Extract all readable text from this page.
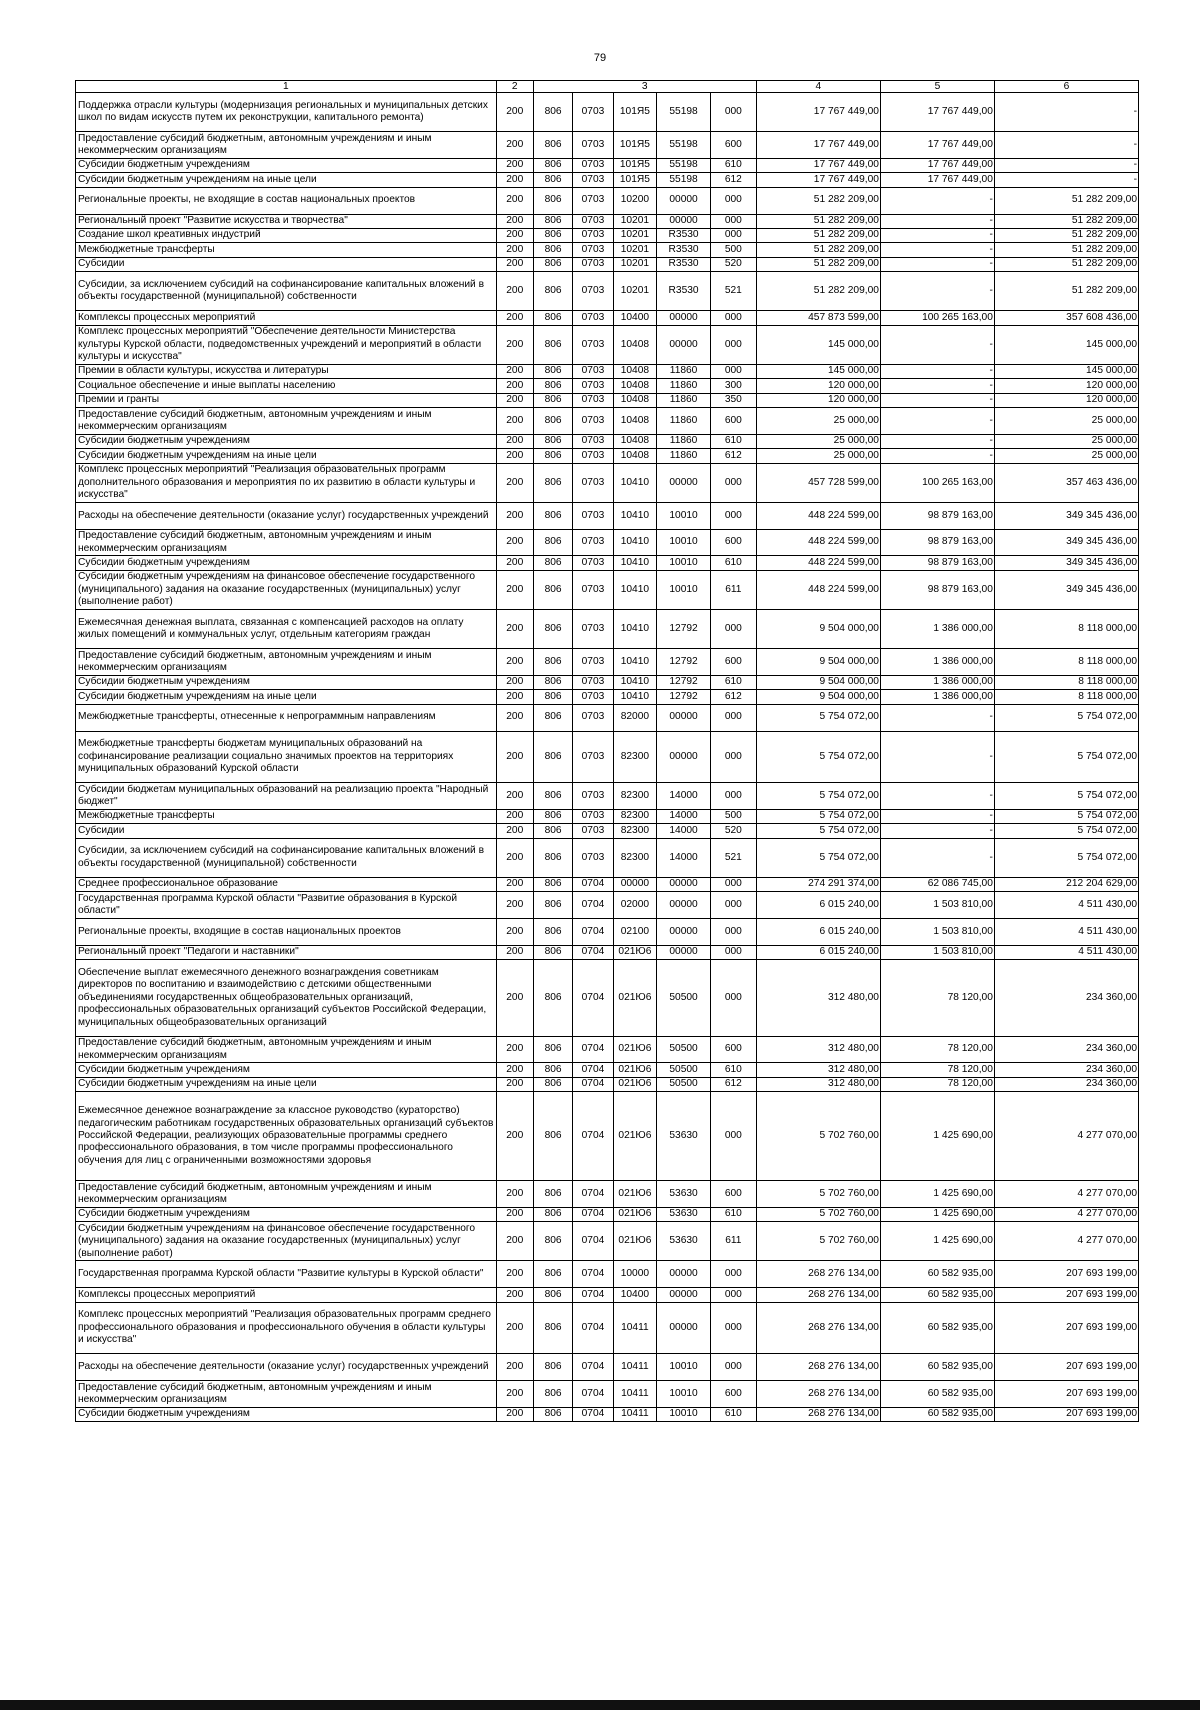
79
1	2	3					4	5	6
Поддержка отрасли культуры (модернизация региональных и муниципальных детских школ по видам искусств путем их реконструкции, капитального ремонта)	200	806	0703	101Я5	55198	000	17 767 449,00	17 767 449,00	-
Предоставление субсидий бюджетным, автономным учреждениям и иным некоммерческим организациям	200	806	0703	101Я5	55198	600	17 767 449,00	17 767 449,00	-
Субсидии бюджетным учреждениям	200	806	0703	101Я5	55198	610	17 767 449,00	17 767 449,00	-
Субсидии бюджетным учреждениям на иные цели	200	806	0703	101Я5	55198	612	17 767 449,00	17 767 449,00	-
Региональные проекты, не входящие в состав национальных проектов	200	806	0703	10200	00000	000	51 282 209,00	-	51 282 209,00
Региональный проект "Развитие искусства и творчества"	200	806	0703	10201	00000	000	51 282 209,00	-	51 282 209,00
Создание школ креативных индустрий	200	806	0703	10201	R3530	000	51 282 209,00	-	51 282 209,00
Межбюджетные трансферты	200	806	0703	10201	R3530	500	51 282 209,00	-	51 282 209,00
Субсидии	200	806	0703	10201	R3530	520	51 282 209,00	-	51 282 209,00
Субсидии, за исключением субсидий на софинансирование капитальных вложений в объекты государственной (муниципальной) собственности	200	806	0703	10201	R3530	521	51 282 209,00	-	51 282 209,00
Комплексы процессных мероприятий	200	806	0703	10400	00000	000	457 873 599,00	100 265 163,00	357 608 436,00
Комплекс процессных мероприятий "Обеспечение деятельности Министерства культуры Курской области, подведомственных учреждений и мероприятий в области культуры и искусства"	200	806	0703	10408	00000	000	145 000,00	-	145 000,00
Премии в области культуры, искусства и литературы	200	806	0703	10408	11860	000	145 000,00	-	145 000,00
Социальное обеспечение и иные выплаты населению	200	806	0703	10408	11860	300	120 000,00	-	120 000,00
Премии и гранты	200	806	0703	10408	11860	350	120 000,00	-	120 000,00
Предоставление субсидий бюджетным, автономным учреждениям и иным некоммерческим организациям	200	806	0703	10408	11860	600	25 000,00	-	25 000,00
Субсидии бюджетным учреждениям	200	806	0703	10408	11860	610	25 000,00	-	25 000,00
Субсидии бюджетным учреждениям на иные цели	200	806	0703	10408	11860	612	25 000,00	-	25 000,00
Комплекс процессных мероприятий "Реализация образовательных программ дополнительного образования и мероприятия по их развитию в области культуры и искусства"	200	806	0703	10410	00000	000	457 728 599,00	100 265 163,00	357 463 436,00
Расходы на обеспечение деятельности (оказание услуг) государственных учреждений	200	806	0703	10410	10010	000	448 224 599,00	98 879 163,00	349 345 436,00
Предоставление субсидий бюджетным, автономным учреждениям и иным некоммерческим организациям	200	806	0703	10410	10010	600	448 224 599,00	98 879 163,00	349 345 436,00
Субсидии бюджетным учреждениям	200	806	0703	10410	10010	610	448 224 599,00	98 879 163,00	349 345 436,00
Субсидии бюджетным учреждениям на финансовое обеспечение государственного (муниципального) задания на оказание государственных (муниципальных) услуг (выполнение работ)	200	806	0703	10410	10010	611	448 224 599,00	98 879 163,00	349 345 436,00
Ежемесячная денежная выплата, связанная с компенсацией расходов на оплату жилых помещений и коммунальных услуг, отдельным категориям граждан	200	806	0703	10410	12792	000	9 504 000,00	1 386 000,00	8 118 000,00
Предоставление субсидий бюджетным, автономным учреждениям и иным некоммерческим организациям	200	806	0703	10410	12792	600	9 504 000,00	1 386 000,00	8 118 000,00
Субсидии бюджетным учреждениям	200	806	0703	10410	12792	610	9 504 000,00	1 386 000,00	8 118 000,00
Субсидии бюджетным учреждениям на иные цели	200	806	0703	10410	12792	612	9 504 000,00	1 386 000,00	8 118 000,00
Межбюджетные трансферты, отнесенные к непрограммным направлениям	200	806	0703	82000	00000	000	5 754 072,00	-	5 754 072,00
Межбюджетные трансферты бюджетам муниципальных образований на софинансирование реализации социально значимых проектов на территориях муниципальных образований Курской области	200	806	0703	82300	00000	000	5 754 072,00	-	5 754 072,00
Субсидии бюджетам муниципальных образований на реализацию проекта "Народный бюджет"	200	806	0703	82300	14000	000	5 754 072,00	-	5 754 072,00
Межбюджетные трансферты	200	806	0703	82300	14000	500	5 754 072,00	-	5 754 072,00
Субсидии	200	806	0703	82300	14000	520	5 754 072,00	-	5 754 072,00
Субсидии, за исключением субсидий на софинансирование капитальных вложений в объекты государственной (муниципальной) собственности	200	806	0703	82300	14000	521	5 754 072,00	-	5 754 072,00
Среднее профессиональное образование	200	806	0704	00000	00000	000	274 291 374,00	62 086 745,00	212 204 629,00
Государственная программа Курской области "Развитие образования в Курской области"	200	806	0704	02000	00000	000	6 015 240,00	1 503 810,00	4 511 430,00
Региональные проекты, входящие в состав национальных проектов	200	806	0704	02100	00000	000	6 015 240,00	1 503 810,00	4 511 430,00
Региональный проект "Педагоги и наставники"	200	806	0704	021Ю6	00000	000	6 015 240,00	1 503 810,00	4 511 430,00
Обеспечение выплат ежемесячного денежного вознаграждения советникам директоров по воспитанию и взаимодействию с детскими общественными объединениями государственных общеобразовательных организаций, профессиональных образовательных организаций субъектов Российской Федерации, муниципальных общеобразовательных организаций	200	806	0704	021Ю6	50500	000	312 480,00	78 120,00	234 360,00
Предоставление субсидий бюджетным, автономным учреждениям и иным некоммерческим организациям	200	806	0704	021Ю6	50500	600	312 480,00	78 120,00	234 360,00
Субсидии бюджетным учреждениям	200	806	0704	021Ю6	50500	610	312 480,00	78 120,00	234 360,00
Субсидии бюджетным учреждениям на иные цели	200	806	0704	021Ю6	50500	612	312 480,00	78 120,00	234 360,00
Ежемесячное денежное вознаграждение за классное руководство (кураторство) педагогическим работникам государственных образовательных организаций субъектов Российской Федерации, реализующих образовательные программы среднего профессионального образования, в том числе программы профессионального обучения для лиц с ограниченными возможностями здоровья	200	806	0704	021Ю6	53630	000	5 702 760,00	1 425 690,00	4 277 070,00
Предоставление субсидий бюджетным, автономным учреждениям и иным некоммерческим организациям	200	806	0704	021Ю6	53630	600	5 702 760,00	1 425 690,00	4 277 070,00
Субсидии бюджетным учреждениям	200	806	0704	021Ю6	53630	610	5 702 760,00	1 425 690,00	4 277 070,00
Субсидии бюджетным учреждениям на финансовое обеспечение государственного (муниципального) задания на оказание государственных (муниципальных) услуг (выполнение работ)	200	806	0704	021Ю6	53630	611	5 702 760,00	1 425 690,00	4 277 070,00
Государственная программа Курской области "Развитие культуры в Курской области"	200	806	0704	10000	00000	000	268 276 134,00	60 582 935,00	207 693 199,00
Комплексы процессных мероприятий	200	806	0704	10400	00000	000	268 276 134,00	60 582 935,00	207 693 199,00
Комплекс процессных мероприятий "Реализация образовательных программ среднего профессионального образования и профессионального обучения в области культуры и искусства"	200	806	0704	10411	00000	000	268 276 134,00	60 582 935,00	207 693 199,00
Расходы на обеспечение деятельности (оказание услуг) государственных учреждений	200	806	0704	10411	10010	000	268 276 134,00	60 582 935,00	207 693 199,00
Предоставление субсидий бюджетным, автономным учреждениям и иным некоммерческим организациям	200	806	0704	10411	10010	600	268 276 134,00	60 582 935,00	207 693 199,00
Субсидии бюджетным учреждениям	200	806	0704	10411	10010	610	268 276 134,00	60 582 935,00	207 693 199,00
